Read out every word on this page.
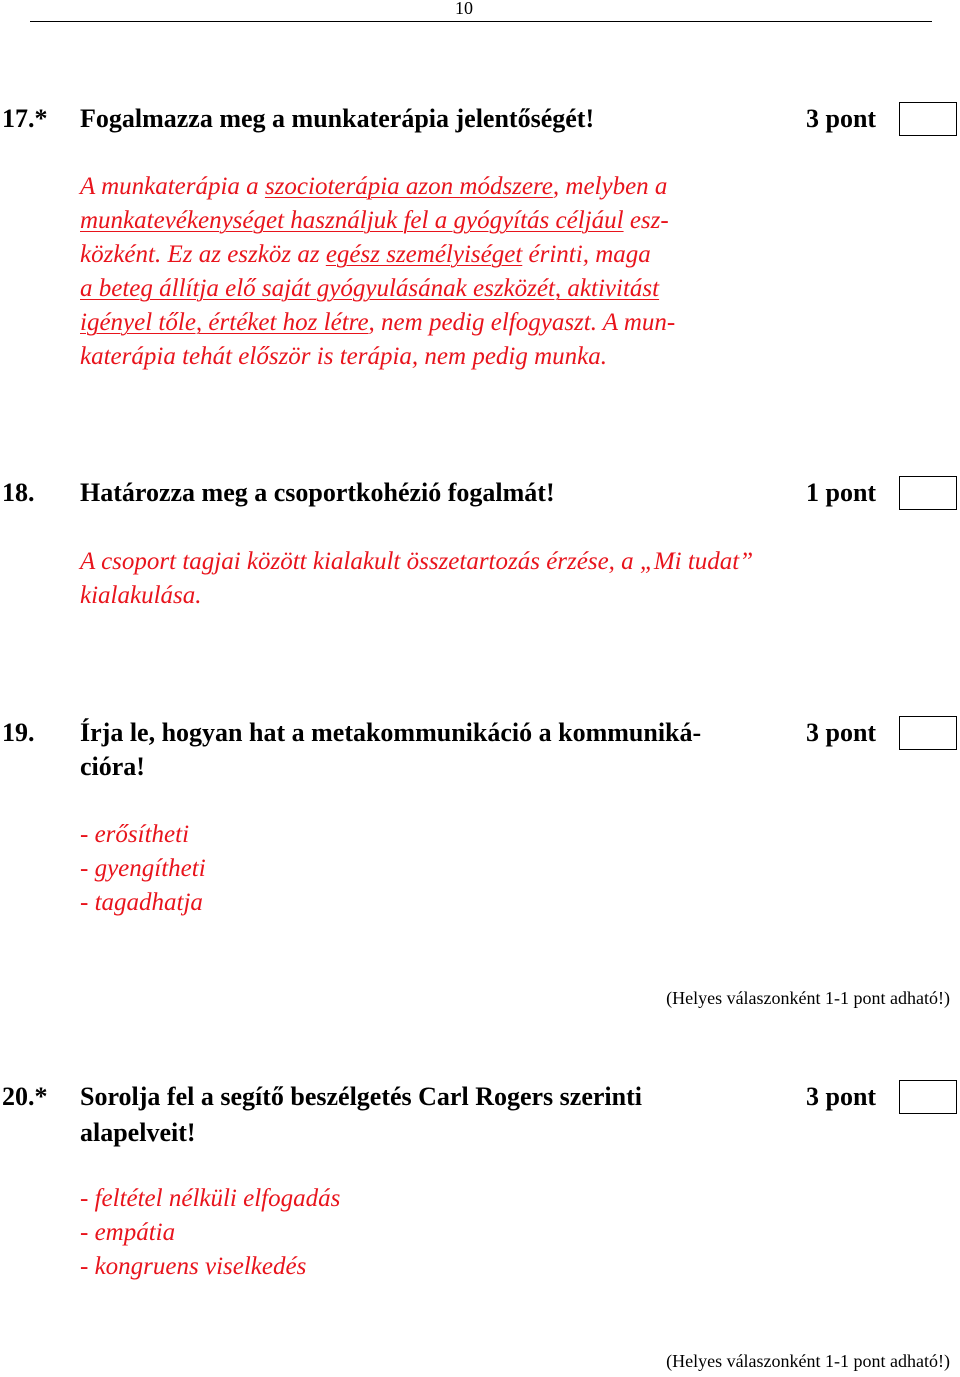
10
17.* Fogalmazza meg a munkaterápia jelentőségét!	3 pont
A munkaterápia a szocioterápia azon módszere, melyben a
munkatevékenységet használjuk fel a gyógyítás céljául esz-
közként. Ez az eszköz az egész személyiséget érinti, maga
a beteg állítja elő saját gyógyulásának eszközét, aktivitást
igényel tőle, értéket hoz létre, nem pedig elfogyaszt. A mun-
katerápia tehát először is terápia, nem pedig munka.
18. Határozza meg a csoportkohézió fogalmát!	1 pont
A csoport tagjai között kialakult összetartozás érzése, a „Mi tudat”
kialakulása.
19. Írja le, hogyan hat a metakommunikáció a kommuniká-
cióra!
3 pont
- erősítheti
- gyengítheti
- tagadhatja
(Helyes válaszonként 1-1 pont adható!)
20.* Sorolja fel a segítő beszélgetés Carl Rogers szerinti
alapelveit!
3 pont
- feltétel nélküli elfogadás
- empátia
- kongruens viselkedés
(Helyes válaszonként 1-1 pont adható!)
